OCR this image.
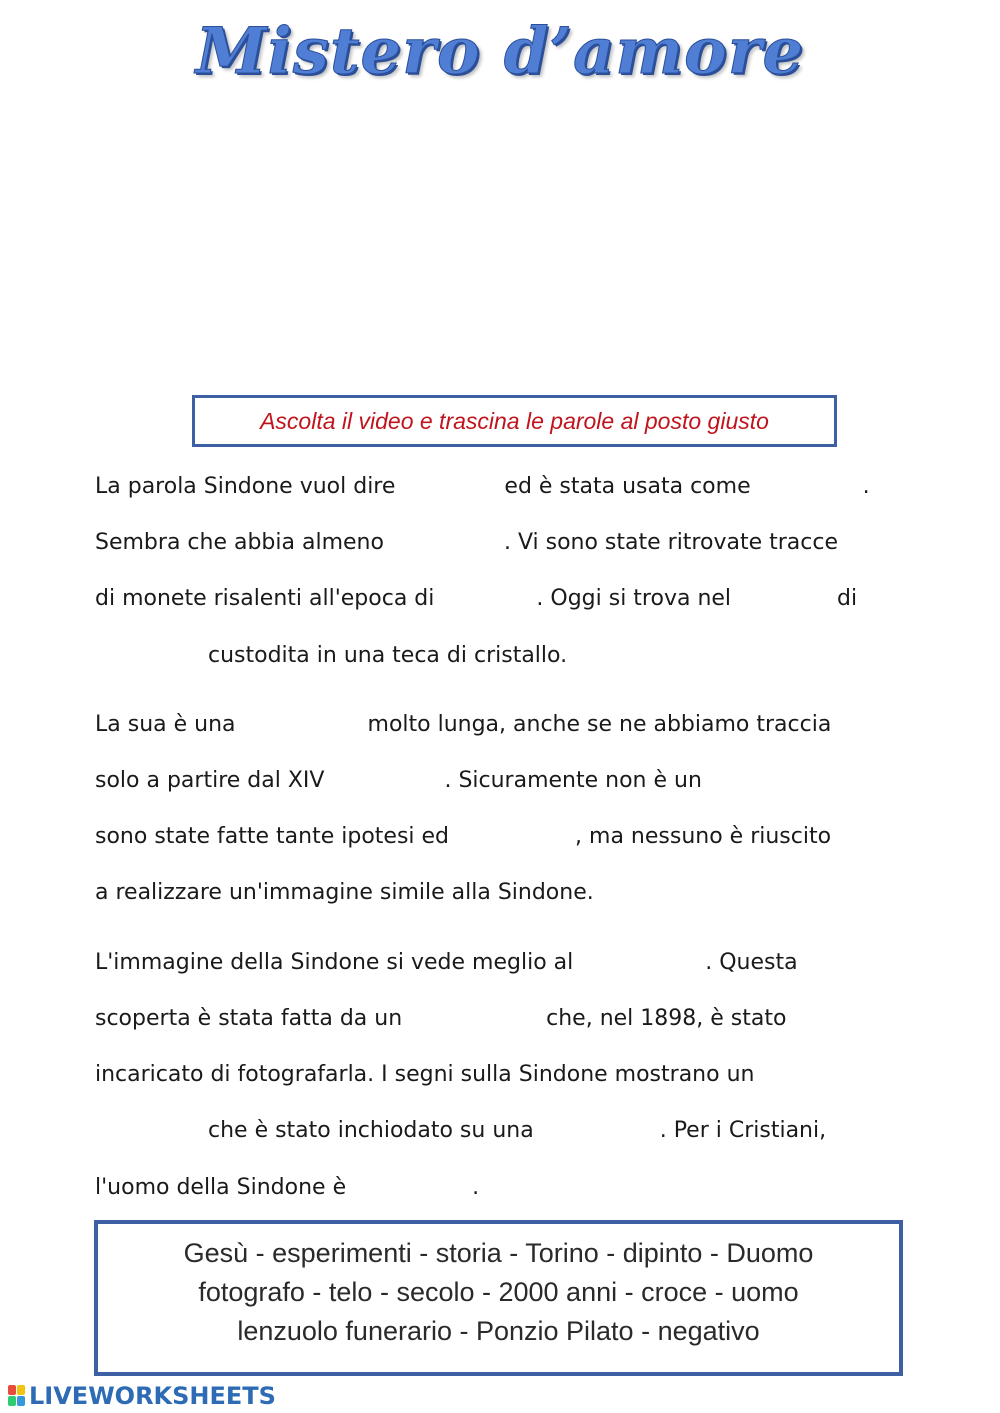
Mistero d’amore
Ascolta il video e trascina le parole al posto giusto
La parola Sindone vuol dire	ed è stata usata come	.
Sembra che abbia almeno	. Vi sono state ritrovate tracce
di monete risalenti all'epoca di	. Oggi si trova nel	di
custodita in una teca di cristallo.
La sua è una	molto lunga, anche se ne abbiamo traccia
solo a partire dal XIV	. Sicuramente non è un
sono state fatte tante ipotesi ed	, ma nessuno è riuscito
a realizzare un'immagine simile alla Sindone.
L'immagine della Sindone si vede meglio al	. Questa
scoperta è stata fatta da un	che, nel 1898, è stato
incaricato di fotografarla. I segni sulla Sindone mostrano un
che è stato inchiodato su una	. Per i Cristiani,
l'uomo della Sindone è	.
Gesù - esperimenti - storia - Torino - dipinto - Duomo
fotografo - telo - secolo - 2000 anni - croce - uomo
lenzuolo funerario - Ponzio Pilato - negativo
LIVEWORKSHEETS
